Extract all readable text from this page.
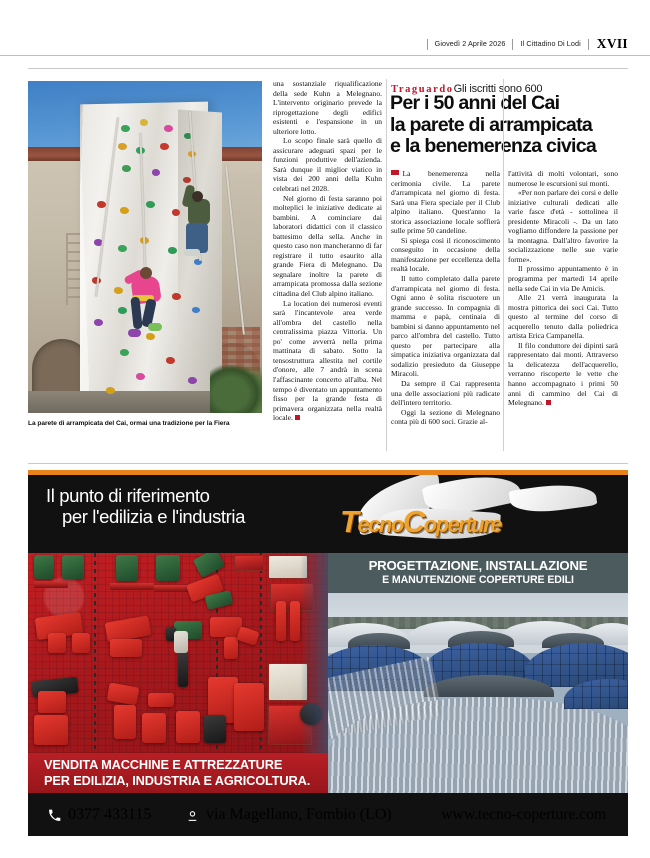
Giovedì 2 Aprile 2026	Il Cittadino Di Lodi	XVII
La parete di arrampicata del Cai, ormai una tradizione per la Fiera
TraguardoGli iscritti sono 600
Per i 50 anni del Cai
la parete di arrampicata
e la benemerenza civica

una sostanziale riqualificazione della sede Kuhn a Melegnano. L'intervento originario prevede la riprogettazione degli edifici esistenti e l'espansione in un ulteriore lotto.

Lo scopo finale sarà quello di assicurare adeguati spazi per le funzioni produttive dell'azienda. Sarà dunque il miglior viatico in vista dei 200 anni della Kuhn celebrati nel 2028.

Nel giorno di festa saranno poi molteplici le iniziative dedicate ai bambini. A cominciare dai laboratori didattici con il classico battesimo della sella. Anche in questo caso non mancheranno di far registrare il tutto esaurito alla grande Fiera di Melegnano. Da segnalare inoltre la parete di arrampicata promossa dalla sezione cittadina del Club alpino italiano.

La location dei numerosi eventi sarà l'incantevole area verde all'ombra del castello nella centralissima piazza Vittoria. Un po' come avverrà nella prima mattinata di sabato. Sotto la tensostruttura allestita nel cortile d'onore, alle 7 andrà in scena l'affascinante concerto all'alba. Nel tempo è diventato un appuntamento fisso per la grande festa di primavera organizzata nella realtà locale.

La benemerenza nella cerimonia civile. La parete d'arrampicata nel giorno di festa. Sarà una Fiera speciale per il Club alpino italiano. Quest'anno la storica associazione locale soffierà sulle prime 50 candeline.

Si spiega così il riconoscimento conseguito in occasione della manifestazione per eccellenza della realtà locale.

Il tutto completato dalla parete d'arrampicata nel giorno di festa. Ogni anno è solita riscuotere un grande successo. In compagnia di mamma e papà, centinaia di bambini si danno appuntamento nel parco all'ombra del castello. Tutto questo per partecipare alla simpatica iniziativa organizzata dal sodalizio presieduto da Giuseppe Miracoli.

Da sempre il Cai rappresenta una delle associazioni più radicate dell'intero territorio.

Oggi la sezione di Melegnano conta più di 600 soci. Grazie al-

l'attività di molti volontari, sono numerose le escursioni sui monti.

«Per non parlare dei corsi e delle iniziative culturali dedicati alle varie fasce d'età - sottolinea il presidente Miracoli -. Da un lato vogliamo diffondere la passione per la montagna. Dall'altro favorire la socializzazione nelle sue varie forme».

Il prossimo appuntamento è in programma per martedì 14 aprile nella sede Cai in via De Amicis.

Alle 21 verrà inaugurata la mostra pittorica dei soci Cai. Tutto questo al termine del corso di acquerello tenuto dalla poliedrica artista Erica Campanella.

Il filo conduttore dei dipinti sarà rappresentato dai monti. Attraverso la delicatezza dell'acquerello, verranno riscoperte le vette che hanno accompagnato i primi 50 anni di cammino del Cai di Melegnano.

Il punto di riferimento
per l'edilizia e l'industria	TecnoCoperture
PROGETTAZIONE, INSTALLAZIONE
E MANUTENZIONE COPERTURE EDILI
VENDITA MACCHINE E ATTREZZATURE
PER EDILIZIA, INDUSTRIA E AGRICOLTURA.
0377 433115	via Magellano, Fombio (LO)	www.tecno-coperture.com
